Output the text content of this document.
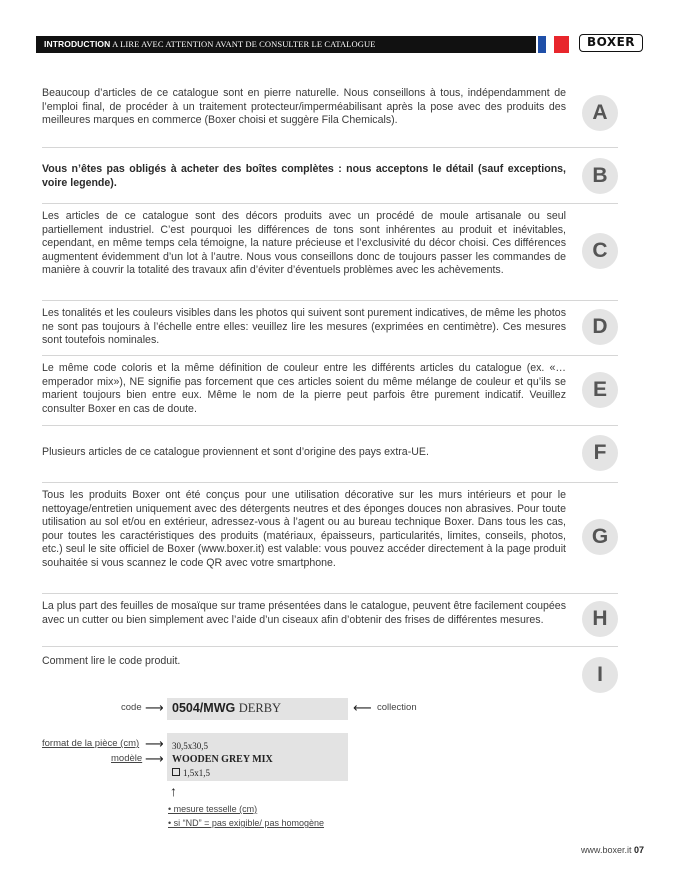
INTRODUCTION A LIRE AVEC ATTENTION AVANT DE CONSULTER LE CATALOGUE	BOXER
Beaucoup d’articles de ce catalogue sont en pierre naturelle. Nous conseillons à tous, indépendamment de l’emploi final, de procéder à un traitement protecteur/imperméabilisant après la pose avec des produits des meilleures marques en commerce (Boxer choisi et suggère Fila Chemicals).	A
Vous n’êtes pas obligés à acheter des boîtes complètes : nous acceptons le détail (sauf exceptions, voire legende).	B
Les articles de ce catalogue sont des décors produits avec un procédé de moule artisanale ou seul partiellement industriel. C’est pourquoi les différences de tons sont inhérentes au produit et inévitables, cependant, en même temps cela témoigne, la nature précieuse et l’exclusivité du décor choisi. Ces différences augmentent évidemment d’un lot à l’autre. Nous vous conseillons donc de toujours passer les commandes de manière à couvrir la totalité des travaux afin d’éviter d’éventuels problèmes avec les achèvements.
C
Les tonalités et les couleurs visibles dans les photos qui suivent sont purement indicatives, de même les photos ne sont pas toujours à l’échelle entre elles: veuillez lire les mesures (exprimées en centimètre). Ces mesures sont toutefois nominales.
D
Le même code coloris et la même définition de couleur entre les différents articles du catalogue (ex. «… emperador mix»), NE signifie pas forcement que ces articles soient du même mélange de couleur et qu’ils se marient toujours bien entre eux. Même le nom de la pierre peut parfois être purement indicatif. Veuillez consulter Boxer en cas de doute.
E
Plusieurs articles de ce catalogue proviennent et sont d’origine des pays extra-UE.	F
Tous les produits Boxer ont été conçus pour une utilisation décorative sur les murs intérieurs et pour le nettoyage/entretien uniquement avec des détergents neutres et des éponges douces non abrasives. Pour toute utilisation au sol et/ou en extérieur, adressez-vous à l’agent ou au bureau technique Boxer. Dans tous les cas, pour toutes les caractéristiques des produits (matériaux, épaisseurs, particularités, limites, conseils, photos, etc.) seul le site officiel de Boxer (www.boxer.it) est valable: vous pouvez accéder directement à la page produit souhaitée si vous scannez le code QR avec votre smartphone.
G
La plus part des feuilles de mosaïque sur trame présentées dans le catalogue, peuvent être facilement coupées avec un cutter ou bien simplement avec l’aide d’un ciseaux afin d’obtenir des frises de différentes mesures.	H
Comment lire le code produit.
I
code ⟶ 0504/MWG DERBY	⟵ collection
format de la pièce (cm) ⟶
modèle ⟶
30,5x30,5
WOODEN GREY MIX
1,5x1,5
↑
• mesure tesselle (cm)
• si “ND” = pas exigible/ pas homogène
www.boxer.it 07
